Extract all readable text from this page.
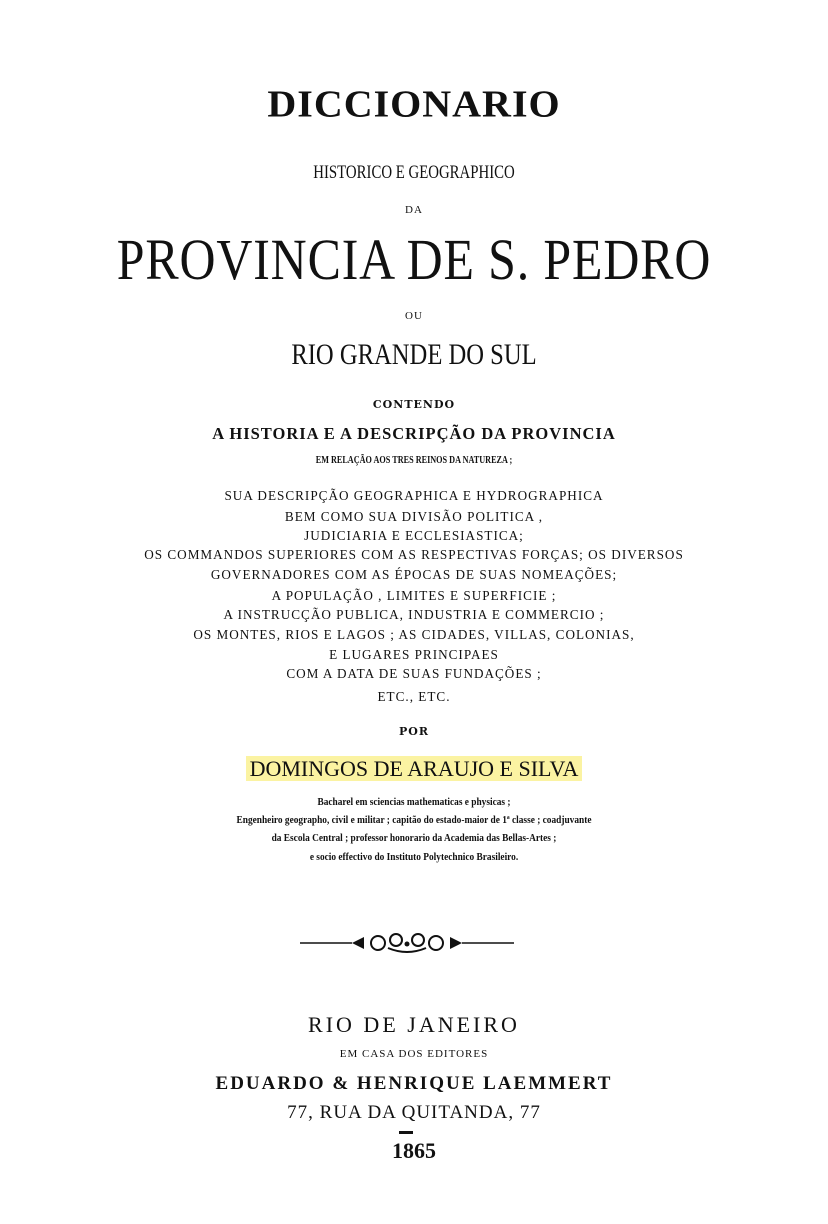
DICCIONARIO
HISTORICO E GEOGRAPHICO
DA
PROVINCIA DE S. PEDRO
OU
RIO GRANDE DO SUL
CONTENDO
A HISTORIA E A DESCRIPÇÃO DA PROVINCIA
EM RELAÇÃO AOS TRES REINOS DA NATUREZA ;
SUA DESCRIPÇÃO GEOGRAPHICA E HYDROGRAPHICA
BEM COMO SUA DIVISÃO POLITICA ,
JUDICIARIA E ECCLESIASTICA;
OS COMMANDOS SUPERIORES COM AS RESPECTIVAS FORÇAS; OS DIVERSOS
GOVERNADORES COM AS ÉPOCAS DE SUAS NOMEAÇÕES;
A POPULAÇÃO , LIMITES E SUPERFICIE ;
A INSTRUCÇÃO PUBLICA, INDUSTRIA E COMMERCIO ;
OS MONTES, RIOS E LAGOS ; AS CIDADES, VILLAS, COLONIAS,
E LUGARES PRINCIPAES
COM A DATA DE SUAS FUNDAÇÕES ;
ETC., ETC.
POR
DOMINGOS DE ARAUJO E SILVA
Bacharel em sciencias mathematicas e physicas ;
Engenheiro geographo, civil e militar ; capitão do estado-maior de 1ª classe ; coadjuvante
da Escola Central ; professor honorario da Academia das Bellas-Artes ;
e socio effectivo do Instituto Polytechnico Brasileiro.
RIO DE JANEIRO
EM CASA DOS EDITORES
EDUARDO & HENRIQUE LAEMMERT
77, RUA DA QUITANDA, 77
1865
